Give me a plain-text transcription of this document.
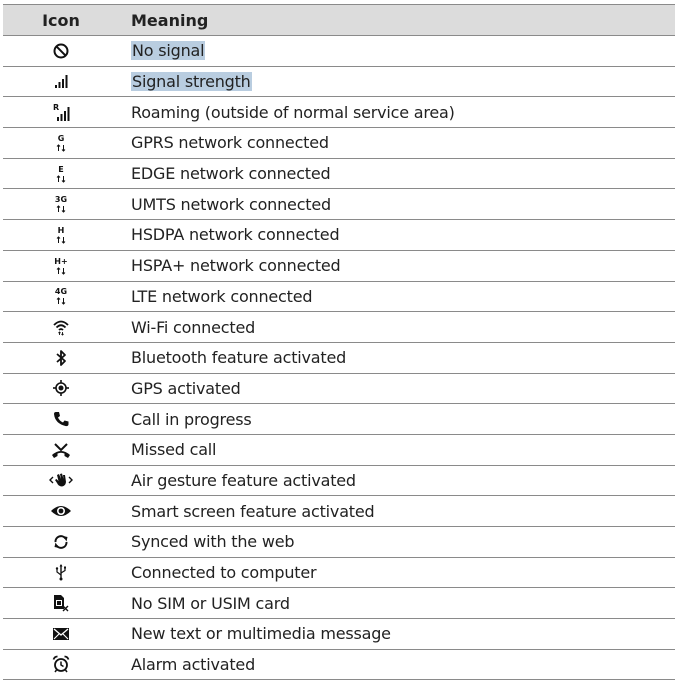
Icon	Meaning
	No signal
	Signal strength

R	Roaming (outside of normal service area)

G	GPRS network connected

E	EDGE network connected

3G	UMTS network connected

H	HSDPA network connected

H+	HSPA+ network connected

4G	LTE network connected
	Wi-Fi connected
	Bluetooth feature activated
	GPS activated
	Call in progress
	Missed call
	Air gesture feature activated
	Smart screen feature activated
	Synced with the web
	Connected to computer
	No SIM or USIM card
	New text or multimedia message
	Alarm activated
